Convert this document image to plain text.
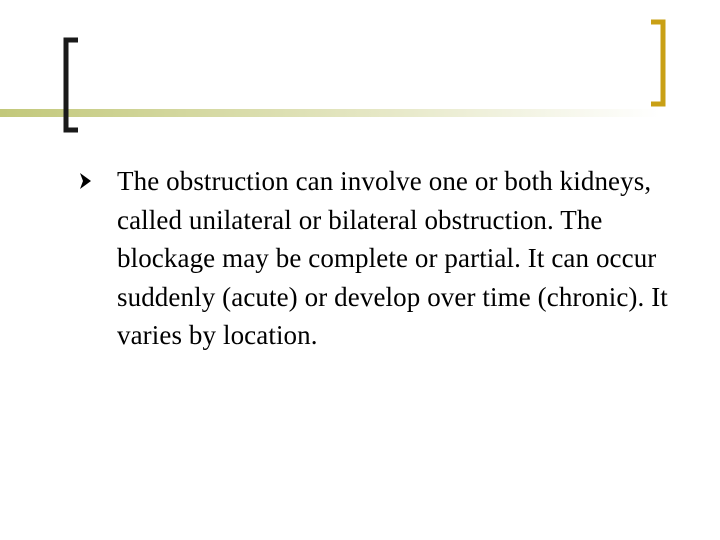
The obstruction can involve one or both kidneys, called unilateral or bilateral obstruction. The blockage may be complete or partial. It can occur suddenly (acute) or develop over time (chronic). It varies by location.
